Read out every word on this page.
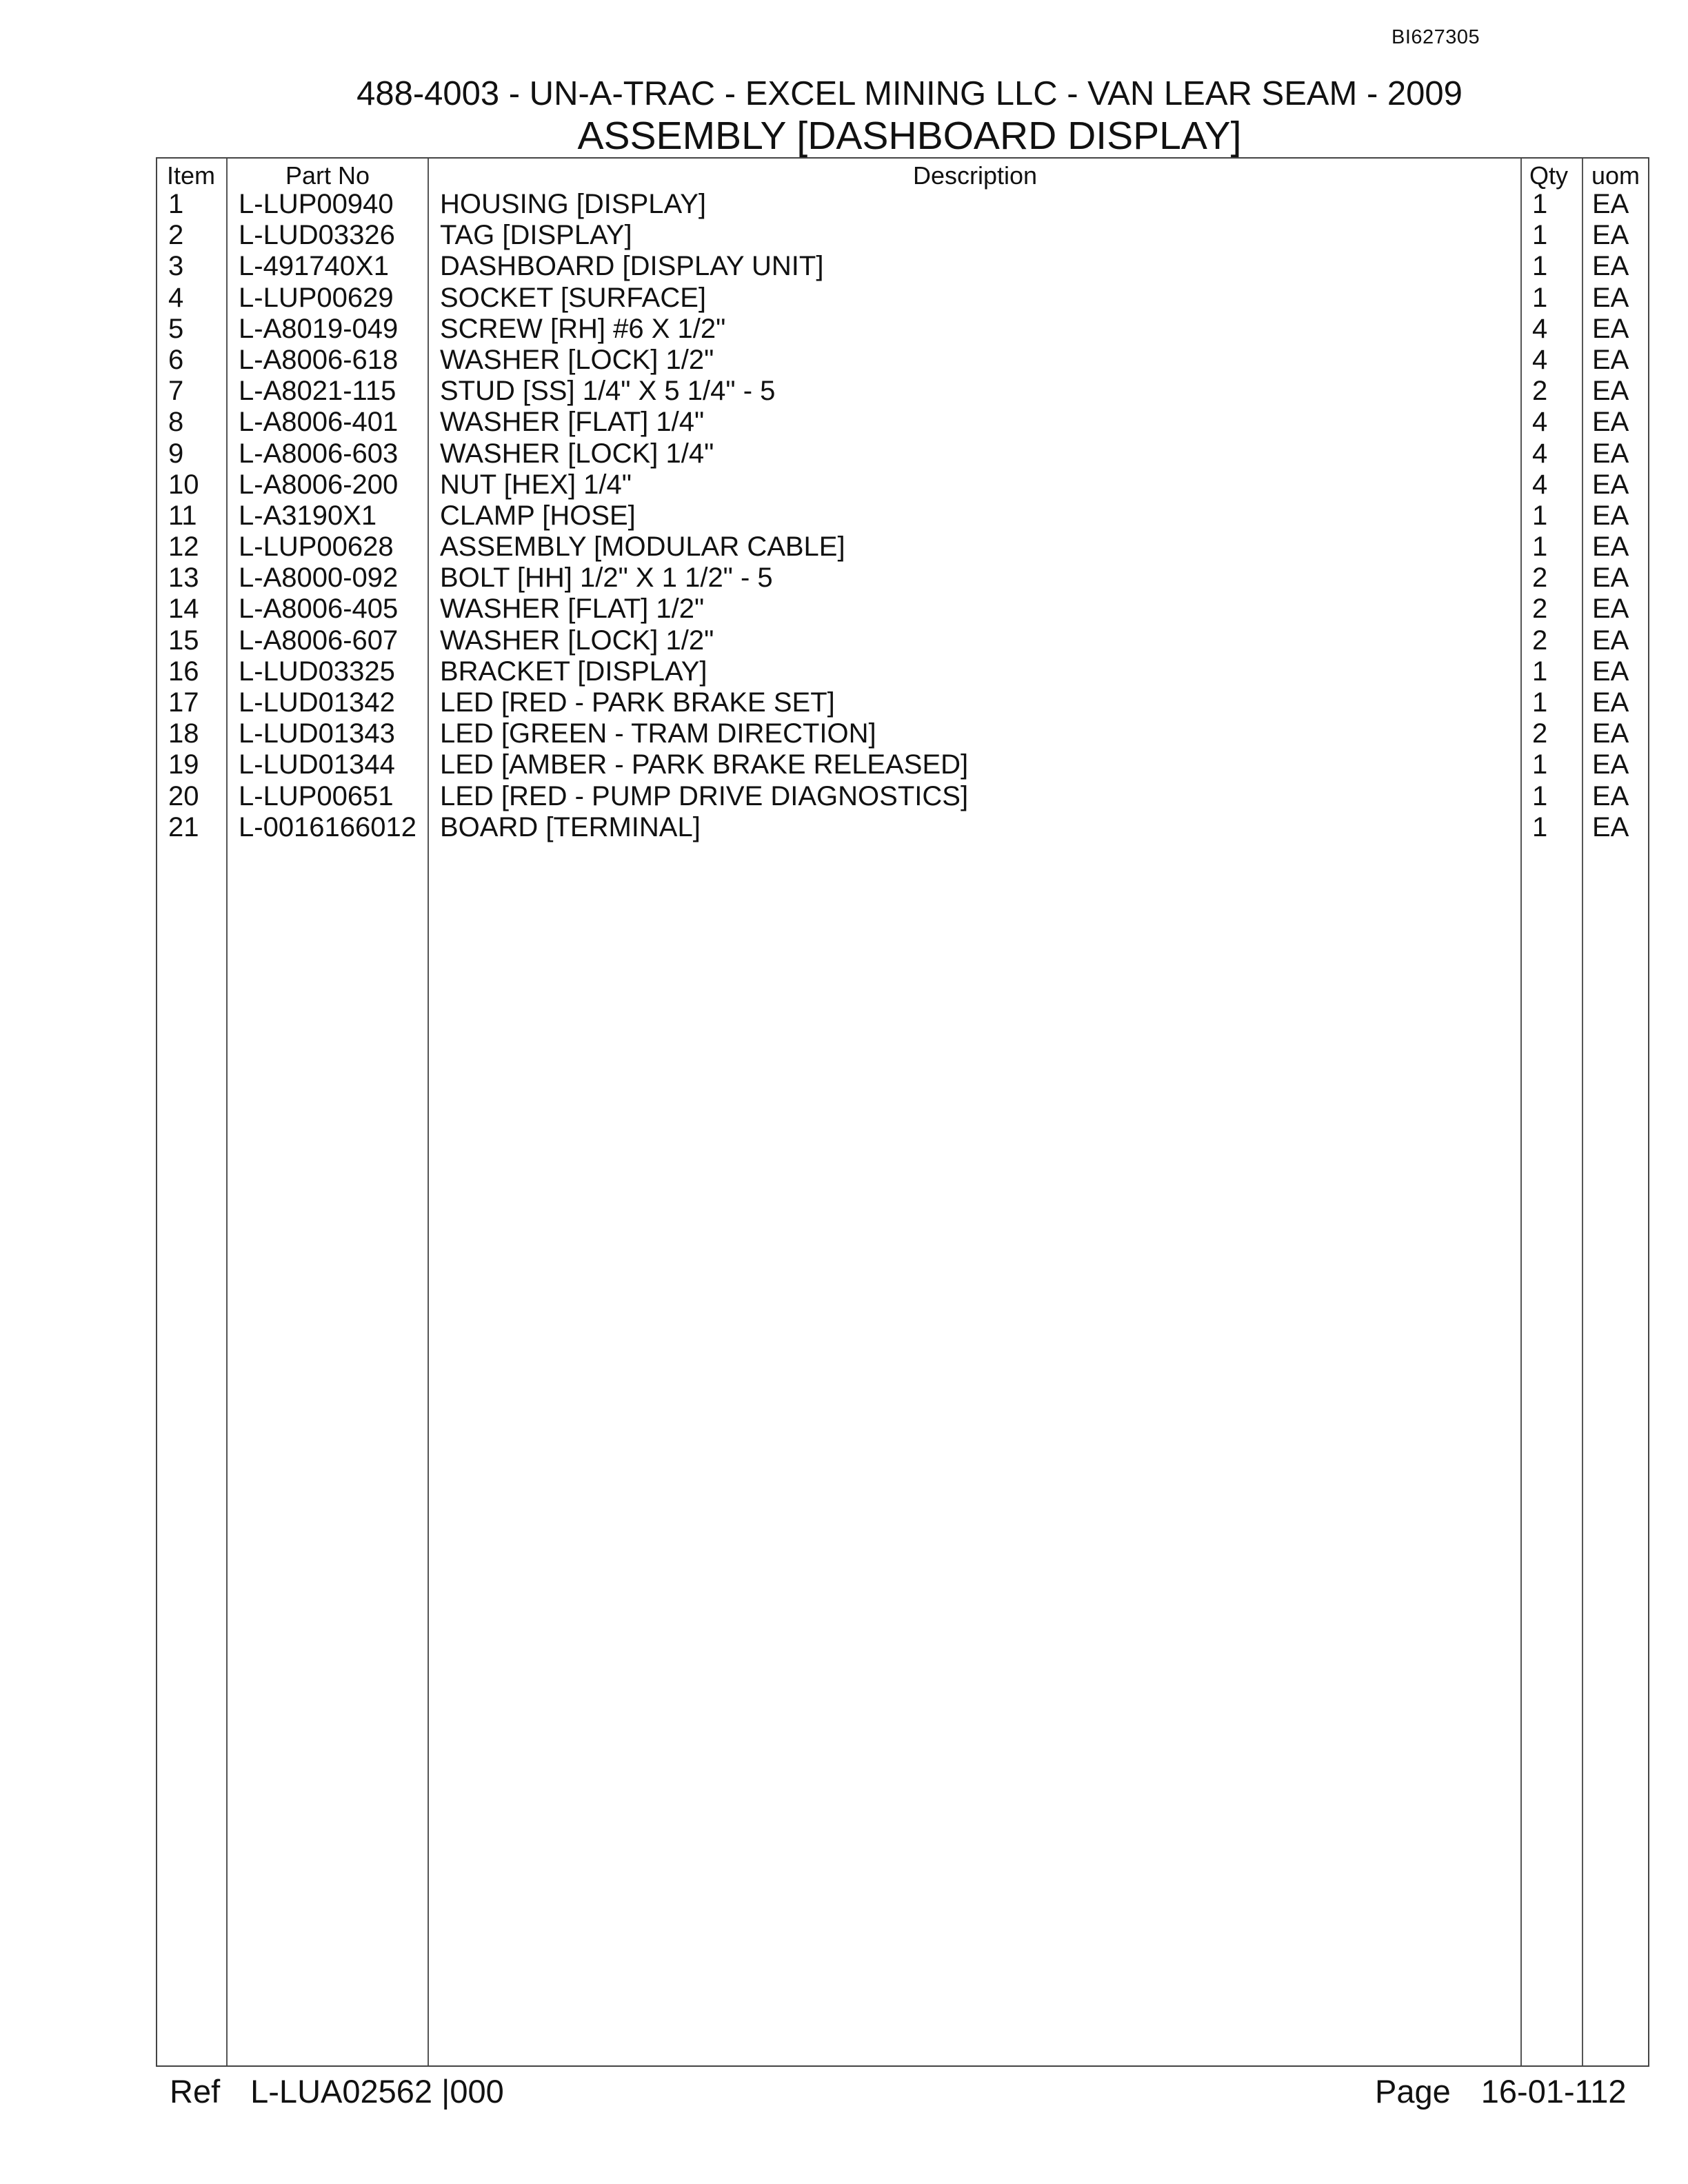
BI627305
488-4003 - UN-A-TRAC - EXCEL MINING LLC - VAN LEAR SEAM - 2009
ASSEMBLY [DASHBOARD DISPLAY]
Item	Part No	Description	Qty uom
1 L-LUP00940 HOUSING [DISPLAY]	1 EA
2 L-LUD03326 TAG [DISPLAY]	1 EA
3 L-491740X1 DASHBOARD [DISPLAY UNIT]	1 EA
4 L-LUP00629 SOCKET [SURFACE]	1 EA
5 L-A8019-049 SCREW [RH] #6 X 1/2"	4 EA
6 L-A8006-618 WASHER [LOCK] 1/2"	4 EA
7 L-A8021-115 STUD [SS] 1/4" X 5 1/4" - 5	2 EA
8 L-A8006-401 WASHER [FLAT] 1/4"	4 EA
9 L-A8006-603 WASHER [LOCK] 1/4"	4 EA
10 L-A8006-200 NUT [HEX] 1/4"	4 EA
11 L-A3190X1 CLAMP [HOSE]	1 EA
12 L-LUP00628 ASSEMBLY [MODULAR CABLE]	1 EA
13 L-A8000-092 BOLT [HH] 1/2" X 1 1/2" - 5	2 EA
14 L-A8006-405 WASHER [FLAT] 1/2"	2 EA
15 L-A8006-607 WASHER [LOCK] 1/2"	2 EA
16 L-LUD03325 BRACKET [DISPLAY]	1 EA
17 L-LUD01342 LED [RED - PARK BRAKE SET]	1 EA
18 L-LUD01343 LED [GREEN - TRAM DIRECTION]	2 EA
19 L-LUD01344 LED [AMBER - PARK BRAKE RELEASED]	1 EA
20 L-LUP00651 LED [RED - PUMP DRIVE DIAGNOSTICS]	1 EA
21 L-0016166012 BOARD [TERMINAL]	1 EA
Ref L-LUA02562 |000	Page 16-01-112
